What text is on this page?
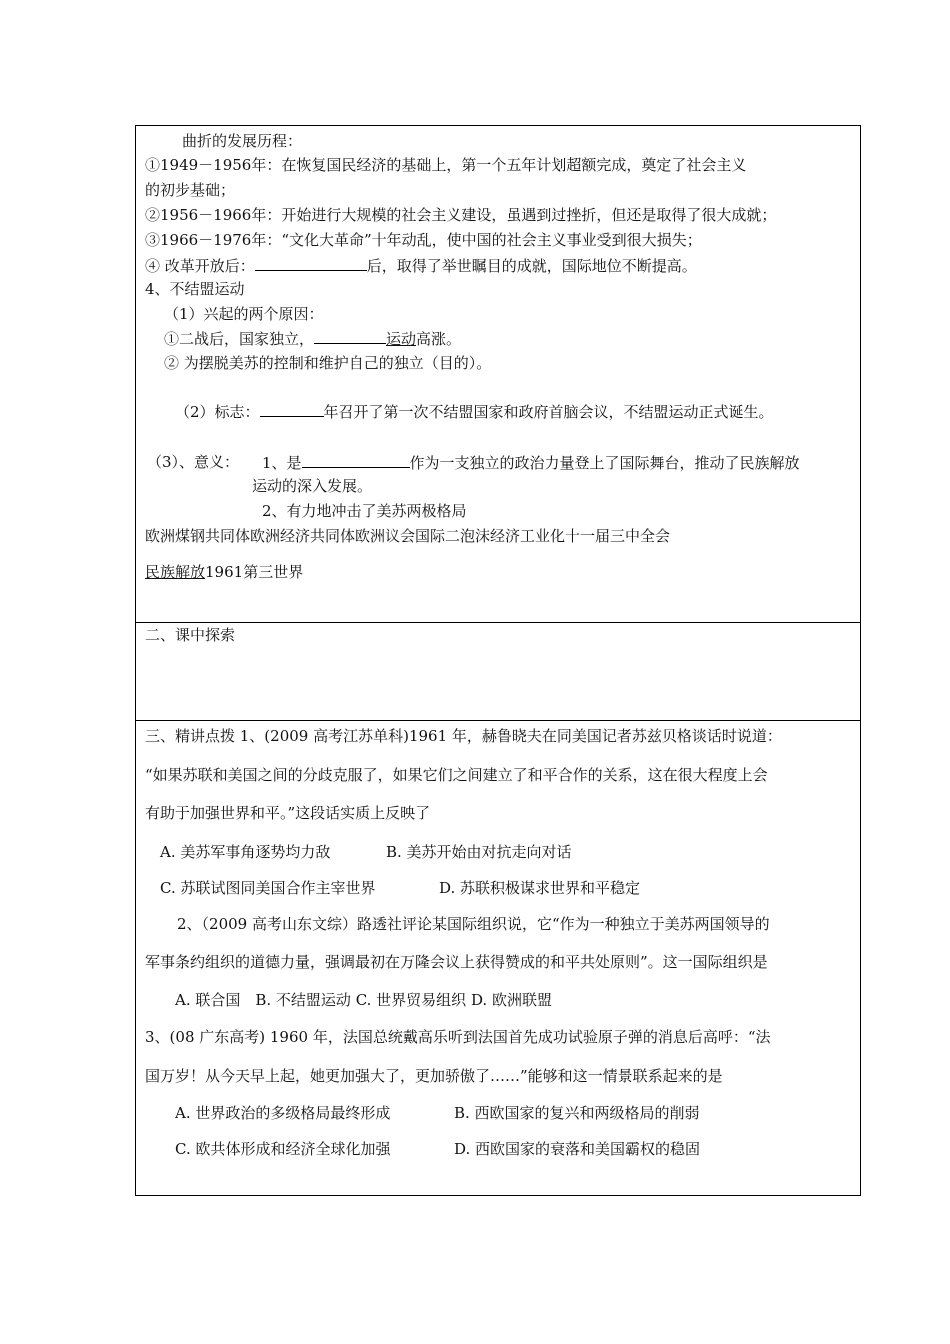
曲折的发展历程：
①1949－1956年：在恢复国民经济的基础上，第一个五年计划超额完成，奠定了社会主义
的初步基础；
②1956－1966年：开始进行大规模的社会主义建设，虽遇到过挫折，但还是取得了很大成就；
③1966－1976年：“文化大革命”十年动乱，使中国的社会主义事业受到很大损失；
④ 改革开放后：	后，取得了举世瞩目的成就，国际地位不断提高。
4、不结盟运动
（1）兴起的两个原因：
①二战后，国家独立，	运动高涨。
② 为摆脱美苏的控制和维护自己的独立（目的）。
（2）标志：	年召开了第一次不结盟国家和政府首脑会议，不结盟运动正式诞生。
（3）、意义： 1、是	作为一支独立的政治力量登上了国际舞台，推动了民族解放
运动的深入发展。
2、有力地冲击了美苏两极格局
欧洲煤钢共同体欧洲经济共同体欧洲议会国际二泡沫经济工业化十一届三中全会
民族解放1961第三世界
二、课中探索
三、精讲点拨 1、(2009 高考江苏单科)1961 年，赫鲁晓夫在同美国记者苏兹贝格谈话时说道：
“如果苏联和美国之间的分歧克服了，如果它们之间建立了和平合作的关系，这在很大程度上会
有助于加强世界和平。”这段话实质上反映了
A. 美苏军事角逐势均力敌	B. 美苏开始由对抗走向对话
C. 苏联试图同美国合作主宰世界	D. 苏联积极谋求世界和平稳定
2、（2009 高考山东文综）路透社评论某国际组织说，它“作为一种独立于美苏两国领导的
军事条约组织的道德力量，强调最初在万隆会议上获得赞成的和平共处原则”。这一国际组织是
A. 联合国　B. 不结盟运动 C. 世界贸易组织 D. 欧洲联盟
3、(08 广东高考) 1960 年，法国总统戴高乐听到法国首先成功试验原子弹的消息后高呼：“法
国万岁！从今天早上起，她更加强大了，更加骄傲了……”能够和这一情景联系起来的是
A. 世界政治的多级格局最终形成	B. 西欧国家的复兴和两级格局的削弱
C. 欧共体形成和经济全球化加强	D. 西欧国家的衰落和美国霸权的稳固
